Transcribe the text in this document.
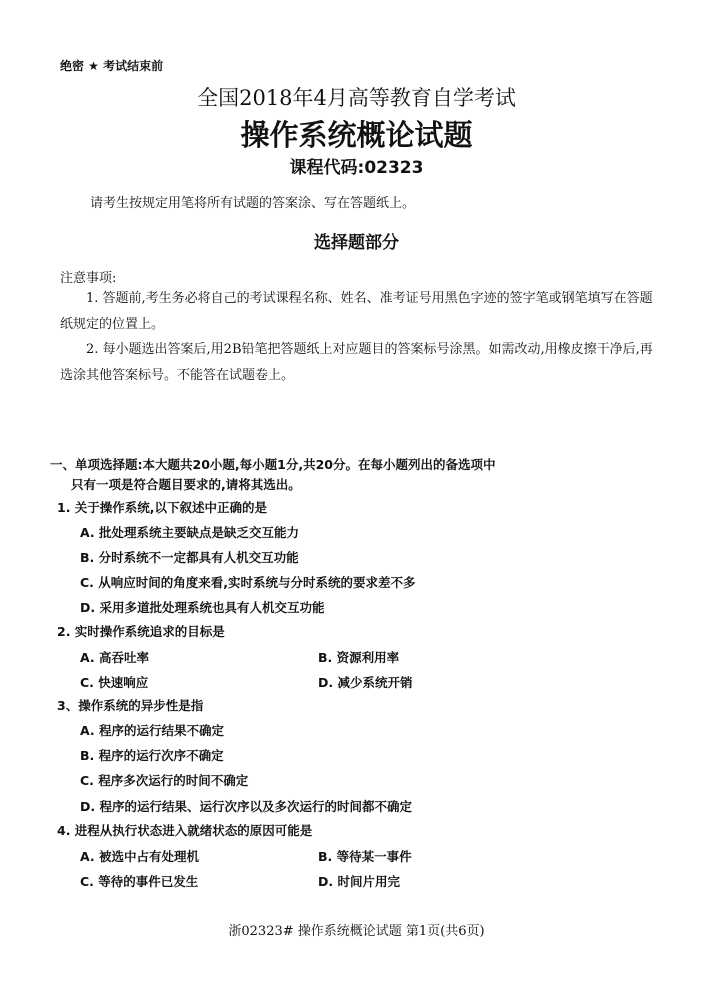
绝密 ★ 考试结束前
全国2018年4月高等教育自学考试
操作系统概论试题
课程代码:02323
请考生按规定用笔将所有试题的答案涂、写在答题纸上。
选择题部分
注意事项:
1. 答题前,考生务必将自己的考试课程名称、姓名、准考证号用黑色字迹的签字笔或钢笔填写在答题纸规定的位置上。
2. 每小题选出答案后,用2B铅笔把答题纸上对应题目的答案标号涂黑。如需改动,用橡皮擦干净后,再选涂其他答案标号。不能答在试题卷上。
一、单项选择题:本大题共20小题,每小题1分,共20分。在每小题列出的备选项中
只有一项是符合题目要求的,请将其选出。
1. 关于操作系统,以下叙述中正确的是
A. 批处理系统主要缺点是缺乏交互能力
B. 分时系统不一定都具有人机交互功能
C. 从响应时间的角度来看,实时系统与分时系统的要求差不多
D. 采用多道批处理系统也具有人机交互功能
2. 实时操作系统追求的目标是
A. 高吞吐率	B. 资源利用率
C. 快速响应	D. 减少系统开销
3、操作系统的异步性是指
A. 程序的运行结果不确定
B. 程序的运行次序不确定
C. 程序多次运行的时间不确定
D. 程序的运行结果、运行次序以及多次运行的时间都不确定
4. 进程从执行状态进入就绪状态的原因可能是
A. 被选中占有处理机	B. 等待某一事件
C. 等待的事件已发生	D. 时间片用完
浙02323# 操作系统概论试题 第1页(共6页)
